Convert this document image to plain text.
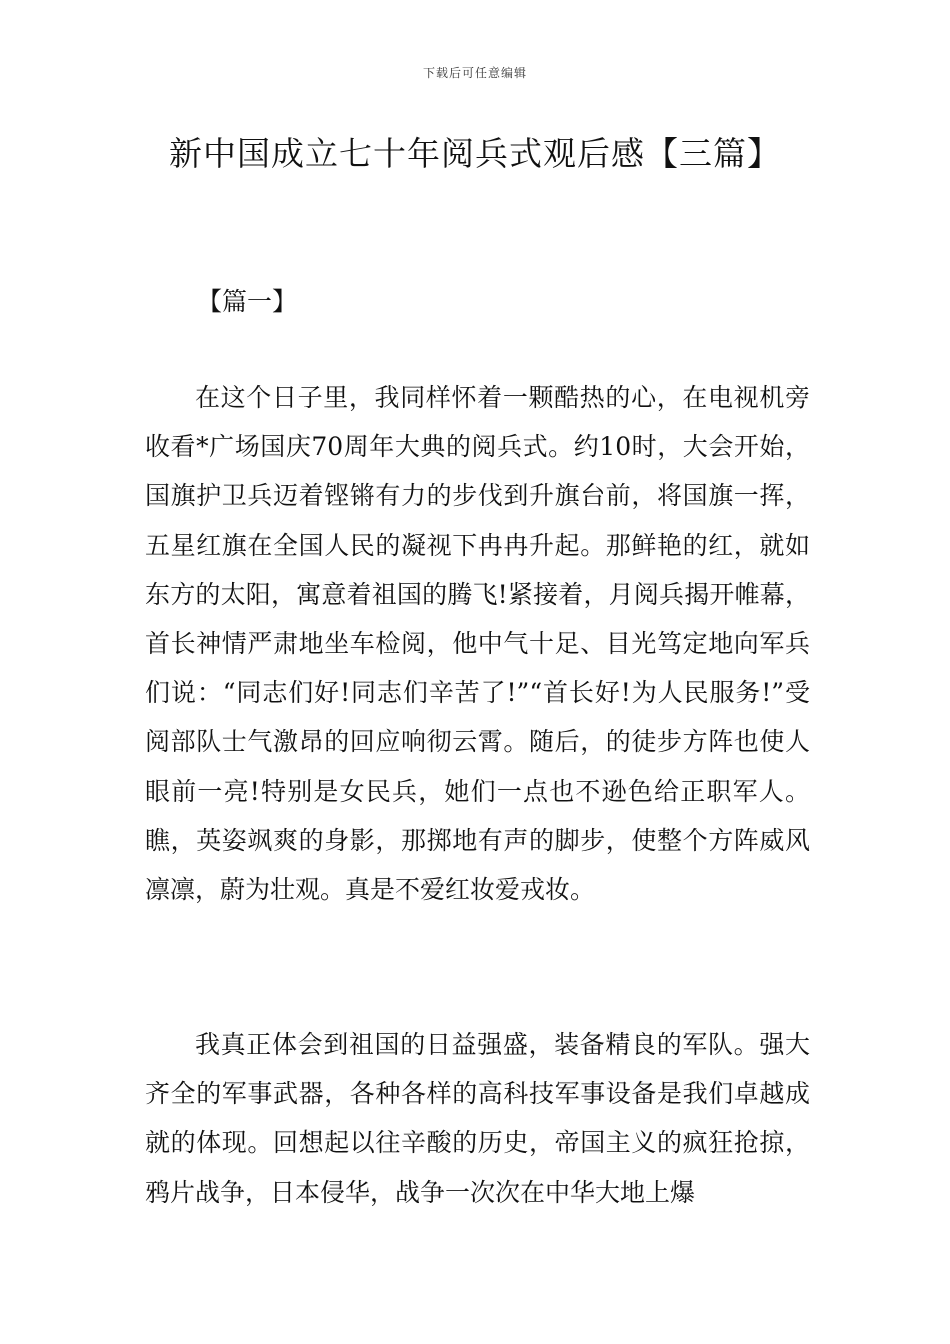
下载后可任意编辑
新中国成立七十年阅兵式观后感【三篇】
【篇一】

在这个日子里，我同样怀着一颗酷热的心，在电视机旁收看*广场国庆70周年大典的阅兵式。约10时，大会开始，国旗护卫兵迈着铿锵有力的步伐到升旗台前，将国旗一挥，五星红旗在全国人民的凝视下冉冉升起。那鲜艳的红，就如东方的太阳，寓意着祖国的腾飞!紧接着，月阅兵揭开帷幕，首长神情严肃地坐车检阅，他中气十足、目光笃定地向军兵们说：“同志们好!同志们辛苦了!”“首长好!为人民服务!”受阅部队士气激昂的回应响彻云霄。随后，的徒步方阵也使人眼前一亮!特别是女民兵，她们一点也不逊色给正职军人。瞧，英姿飒爽的身影，那掷地有声的脚步，使整个方阵威风凛凛，蔚为壮观。真是不爱红妆爱戎妆。

我真正体会到祖国的日益强盛，装备精良的军队。强大齐全的军事武器，各种各样的高科技军事设备是我们卓越成就的体现。回想起以往辛酸的历史，帝国主义的疯狂抢掠，鸦片战争，日本侵华，战争一次次在中华大地上爆
